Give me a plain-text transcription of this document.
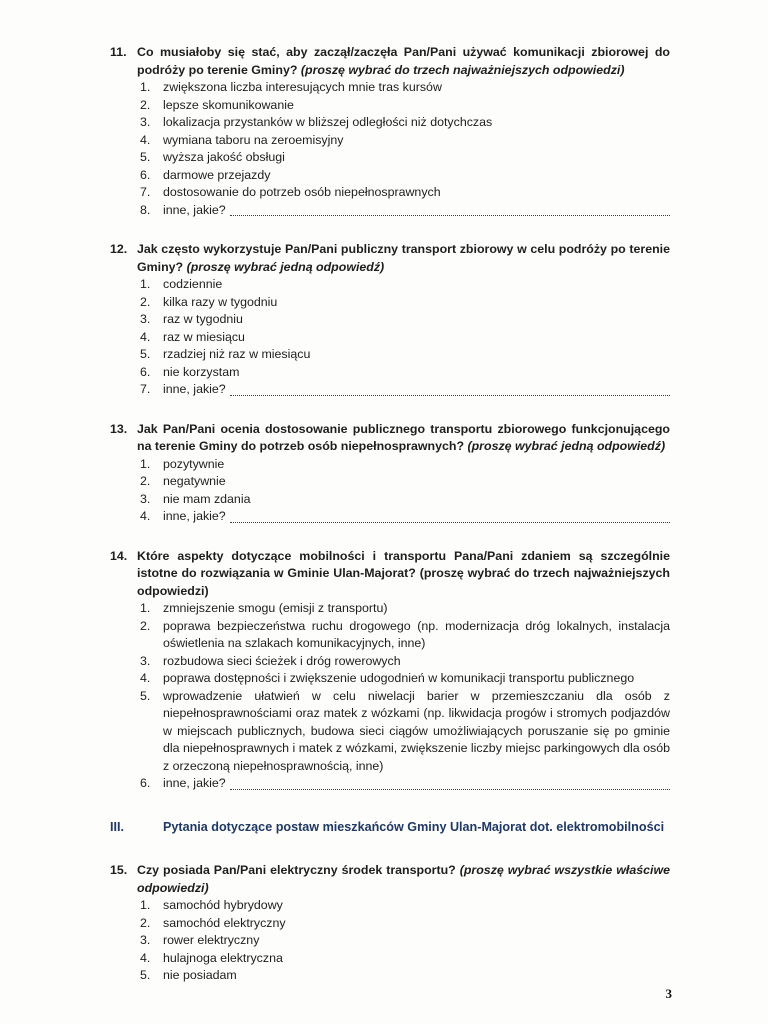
11. Co musiałoby się stać, aby zaczął/zaczęła Pan/Pani używać komunikacji zbiorowej do podróży po terenie Gminy? (proszę wybrać do trzech najważniejszych odpowiedzi)
1. zwiększona liczba interesujących mnie tras kursów
2. lepsze skomunikowanie
3. lokalizacja przystanków w bliższej odległości niż dotychczas
4. wymiana taboru na zeroemisyjny
5. wyższa jakość obsługi
6. darmowe przejazdy
7. dostosowanie do potrzeb osób niepełnosprawnych
8. inne, jakie?
12. Jak często wykorzystuje Pan/Pani publiczny transport zbiorowy w celu podróży po terenie Gminy? (proszę wybrać jedną odpowiedź)
1. codziennie
2. kilka razy w tygodniu
3. raz w tygodniu
4. raz w miesiącu
5. rzadziej niż raz w miesiącu
6. nie korzystam
7. inne, jakie?
13. Jak Pan/Pani ocenia dostosowanie publicznego transportu zbiorowego funkcjonującego na terenie Gminy do potrzeb osób niepełnosprawnych? (proszę wybrać jedną odpowiedź)
1. pozytywnie
2. negatywnie
3. nie mam zdania
4. inne, jakie?
14. Które aspekty dotyczące mobilności i transportu Pana/Pani zdaniem są szczególnie istotne do rozwiązania w Gminie Ulan-Majorat? (proszę wybrać do trzech najważniejszych odpowiedzi)
1. zmniejszenie smogu (emisji z transportu)
2. poprawa bezpieczeństwa ruchu drogowego (np. modernizacja dróg lokalnych, instalacja oświetlenia na szlakach komunikacyjnych, inne)
3. rozbudowa sieci ścieżek i dróg rowerowych
4. poprawa dostępności i zwiększenie udogodnień w komunikacji transportu publicznego
5. wprowadzenie ułatwień w celu niwelacji barier w przemieszczaniu dla osób z niepełnosprawnościami oraz matek z wózkami (np. likwidacja progów i stromych podjazdów w miejscach publicznych, budowa sieci ciągów umożliwiających poruszanie się po gminie dla niepełnosprawnych i matek z wózkami, zwiększenie liczby miejsc parkingowych dla osób z orzeczoną niepełnosprawnością, inne)
6. inne, jakie?
III.	Pytania dotyczące postaw mieszkańców Gminy Ulan-Majorat dot. elektromobilności
15. Czy posiada Pan/Pani elektryczny środek transportu? (proszę wybrać wszystkie właściwe odpowiedzi)
1. samochód hybrydowy
2. samochód elektryczny
3. rower elektryczny
4. hulajnoga elektryczna
5. nie posiadam
3
